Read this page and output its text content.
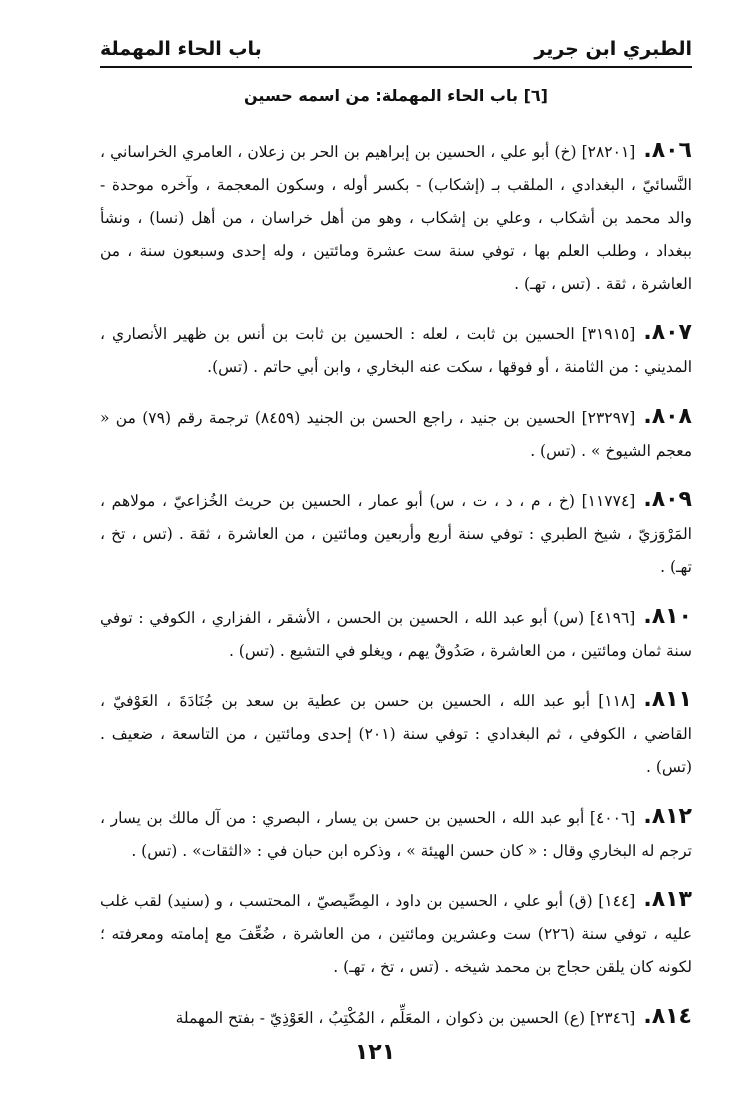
الطبري ابن جرير
باب الحاء المهملة
[٦] باب الحاء المهملة: من اسمه حسين

٨٠٦.[٢٨٢٠١] (خ) أبو علي ، الحسين بن إبراهيم بن الحر بن زعلان ، العامري الخراساني ، النَّسائيّ ، البغدادي ، الملقب بـ (إشكاب) - بكسر أوله ، وسكون المعجمة ، وآخره موحدة - والد محمد بن أشكاب ، وعلي بن إشكاب ، وهو من أهل خراسان ، من أهل (نسا) ، ونشأ ببغداد ، وطلب العلم بها ، توفي سنة ست عشرة ومائتين ، وله إحدى وسبعون سنة ، من العاشرة ، ثقة . (تس ، تهـ) .

٨٠٧.[٣١٩١٥] الحسين بن ثابت ، لعله : الحسين بن ثابت بن أنس بن ظهير الأنصاري ، المديني : من الثامنة ، أو فوقها ، سكت عنه البخاري ، وابن أبي حاتم . (تس).

٨٠٨.[٢٣٢٩٧] الحسين بن جنيد ، راجع الحسن بن الجنيد (٨٤٥٩) ترجمة رقم (٧٩) من « معجم الشيوخ » . (تس) .

٨٠٩.[١١٧٧٤] (خ ، م ، د ، ت ، س) أبو عمار ، الحسين بن حريث الخُزاعيّ ، مولاهم ، المَرْوَزيّ ، شيخ الطبري : توفي سنة أربع وأربعين ومائتين ، من العاشرة ، ثقة . (تس ، تخ ، تهـ) .

٨١٠.[٤١٩٦] (س) أبو عبد الله ، الحسين بن الحسن ، الأشقر ، الفزاري ، الكوفي : توفي سنة ثمان ومائتين ، من العاشرة ، صَدُوقٌ يهم ، ويغلو في التشيع . (تس) .

٨١١.[١١٨] أبو عبد الله ، الحسين بن حسن بن عطية بن سعد بن جُنَادَةَ ، العَوْفيّ ، القاضي ، الكوفي ، ثم البغدادي : توفي سنة (٢٠١) إحدى ومائتين ، من التاسعة ، ضعيف . (تس) .

٨١٢.[٤٠٠٦] أبو عبد الله ، الحسين بن حسن بن يسار ، البصري : من آل مالك بن يسار ، ترجم له البخاري وقال : « كان حسن الهيئة » ، وذكره ابن حبان في : «الثقات» . (تس) .

٨١٣.[١٤٤] (ق) أبو علي ، الحسين بن داود ، المِصِّيصيّ ، المحتسب ، و (سنيد) لقب غلب عليه ، توفي سنة (٢٢٦) ست وعشرين ومائتين ، من العاشرة ، ضُعِّفَ مع إمامته ومعرفته ؛ لكونه كان يلقن حجاج بن محمد شيخه . (تس ، تخ ، تهـ) .

٨١٤.[٢٣٤٦] (ع) الحسين بن ذكوان ، المعَلِّم ، المُكْتِبُ ، العَوْذِيّ - بفتح المهملة

١٢١
